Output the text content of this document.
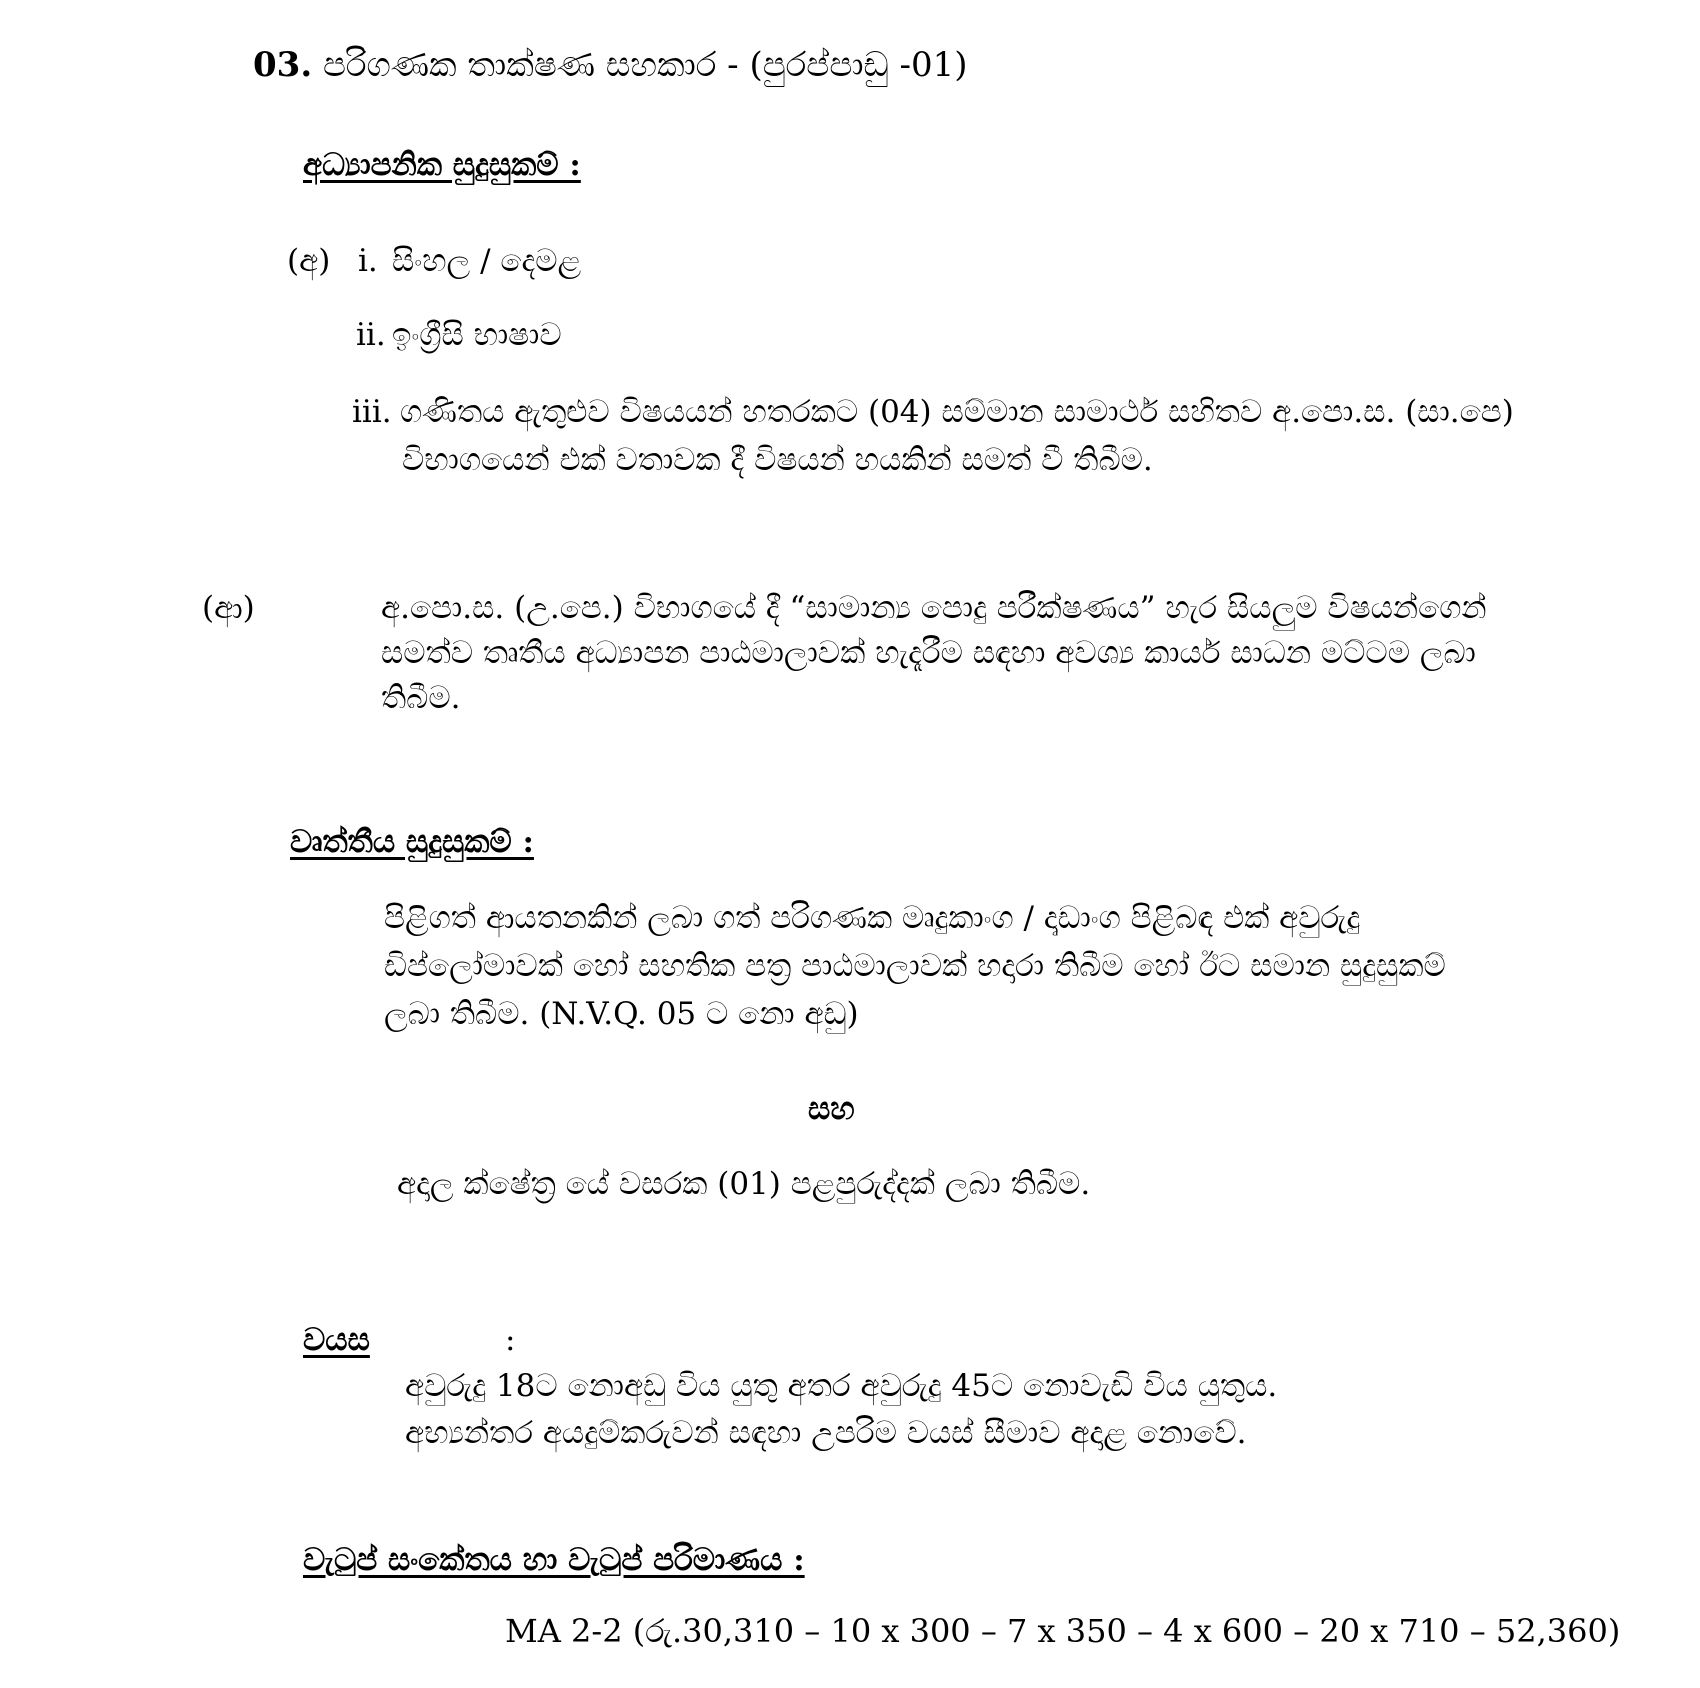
03. පරිගණක තාක්ෂණ සහකාර - (පුරප්පාඩු -01)
අධ්‍යාපනික සුදුසුකම් :
(අ) i. සිංහල / දෙමළ
ii. ඉංග්‍රීසි භාෂාව
iii. ගණිතය ඇතුළුව විෂයයන් හතරකට (04) සම්මාන සාමාර්ථ සහිතව අ.පො.ස. (සා.පෙ)
විභාගයෙන් එක් වතාවක දී විෂයන් හයකින් සමත් වී තිබීම.
(ආ)	අ.පො.ස. (උ.පෙ.) විභාගයේ දී “සාමාන්‍ය පොදු පරීක්ෂණය” හැර සියලුම විෂයන්ගෙන්
සමත්ව තෘතීය අධ්‍යාපන පාඨමාලාවක් හැදෑරීම සඳහා අවශ්‍ය කාර්ය සාධන මට්ටම ලබා
තිබීම.
වෘත්තීය සුදුසුකම් :
පිළිගත් ආයතනකින් ලබා ගත් පරිගණක මෘදුකාංග / දෘඩාංග පිළිබඳ එක් අවුරුදු
ඩිප්ලෝමාවක් හෝ සහතික පත්‍ර පාඨමාලාවක් හදාරා තිබීම හෝ ඊට සමාන සුදුසුකම්
ලබා තිබීම. (N.V.Q. 05 ට නො අඩු)
සහ
අදාල ක්ෂේත්‍ර යේ වසරක (01) පළපුරුද්දක් ලබා තිබීම.
වයස	:
අවුරුදු 18ට නොඅඩු විය යුතු අතර අවුරුදු 45ට නොවැඩි විය යුතුය.
අභ්‍යන්තර අයදුම්කරුවන් සඳහා උපරිම වයස් සීමාව අදාළ නොවේ.
වැටුප් සංකේතය හා වැටුප් පරිමාණය :
MA 2-2 (රු.30,310 – 10 x 300 – 7 x 350 – 4 x 600 – 20 x 710 – 52,360)
